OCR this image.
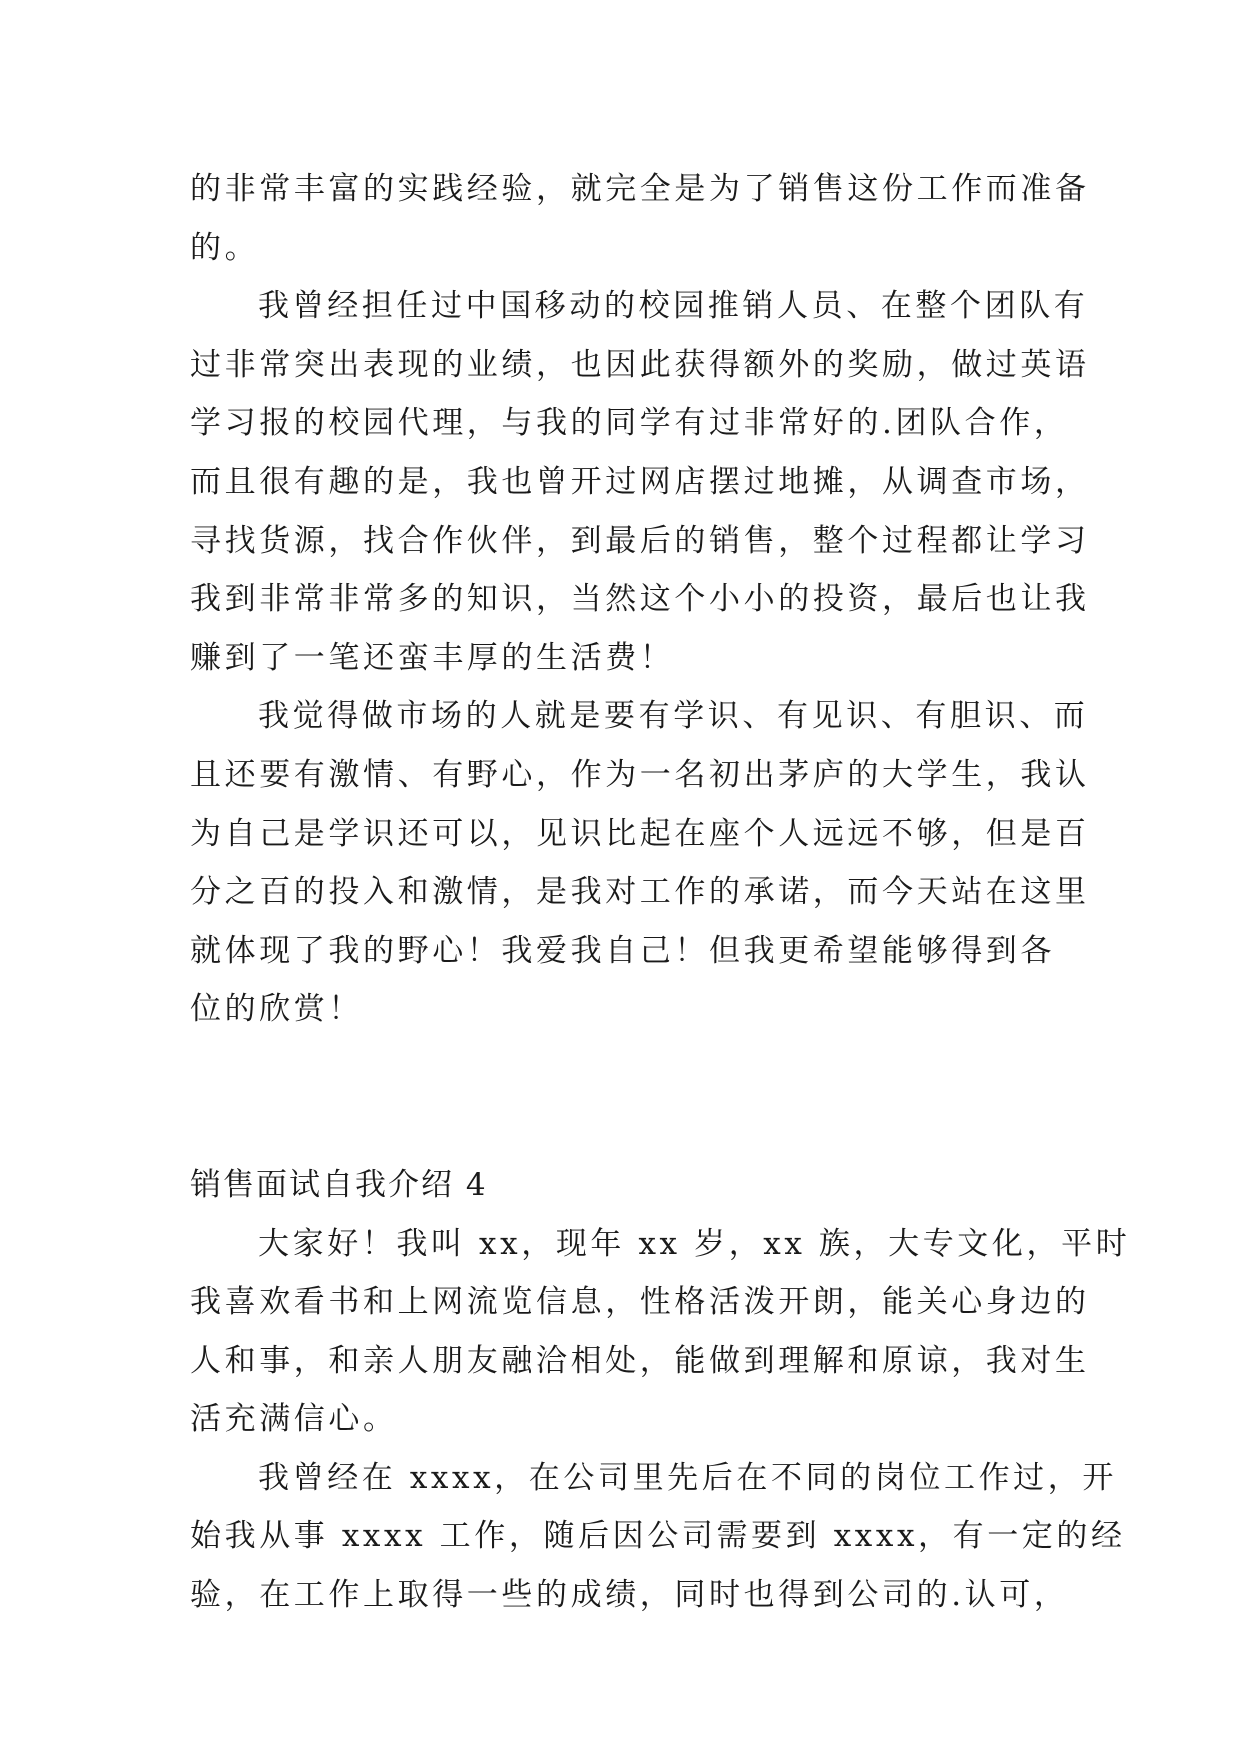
的非常丰富的实践经验，就完全是为了销售这份工作而准备
的。
我曾经担任过中国移动的校园推销人员、在整个团队有
过非常突出表现的业绩，也因此获得额外的奖励，做过英语
学习报的校园代理，与我的同学有过非常好的.团队合作，
而且很有趣的是，我也曾开过网店摆过地摊，从调查市场，
寻找货源，找合作伙伴，到最后的销售，整个过程都让学习
我到非常非常多的知识，当然这个小小的投资，最后也让我
赚到了一笔还蛮丰厚的生活费！
我觉得做市场的人就是要有学识、有见识、有胆识、而
且还要有激情、有野心，作为一名初出茅庐的大学生，我认
为自己是学识还可以，见识比起在座个人远远不够，但是百
分之百的投入和激情，是我对工作的承诺，而今天站在这里
就体现了我的野心！我爱我自己！但我更希望能够得到各
位的欣赏！
销售面试自我介绍 4
大家好！我叫 xx，现年 xx 岁，xx 族，大专文化，平时
我喜欢看书和上网流览信息，性格活泼开朗，能关心身边的
人和事，和亲人朋友融洽相处，能做到理解和原谅，我对生
活充满信心。
我曾经在 xxxx，在公司里先后在不同的岗位工作过，开
始我从事 xxxx 工作，随后因公司需要到 xxxx，有一定的经
验，在工作上取得一些的成绩，同时也得到公司的.认可，
